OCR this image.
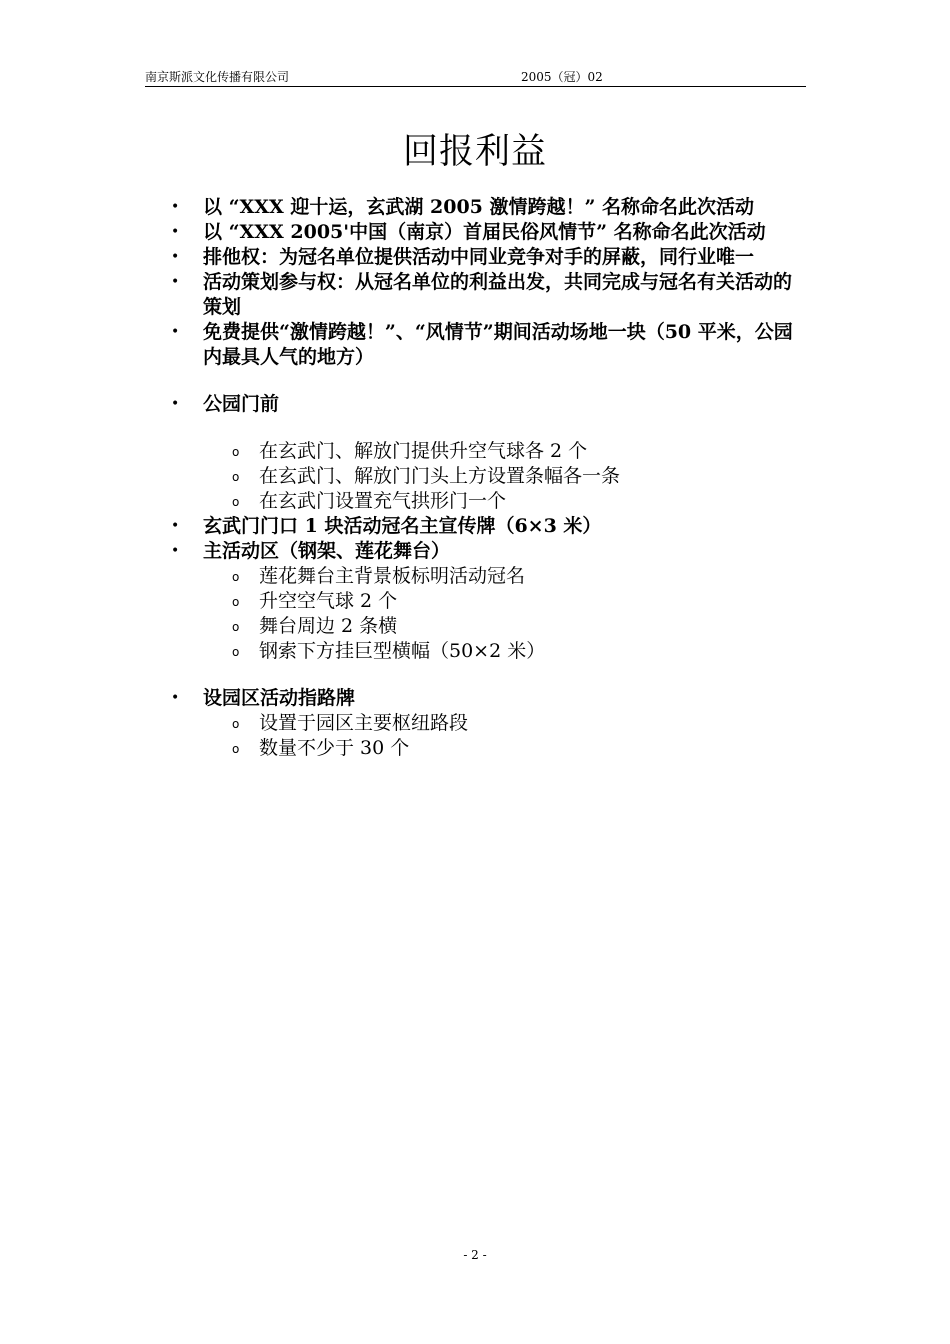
南京斯派文化传播有限公司	2005（冠）02
回报利益
• 以 “XXX 迎十运，玄武湖 2005 激情跨越！” 名称命名此次活动
• 以 “XXX 2005'中国（南京）首届民俗风情节” 名称命名此次活动
• 排他权：为冠名单位提供活动中同业竞争对手的屏蔽，同行业唯一
• 活动策划参与权：从冠名单位的利益出发，共同完成与冠名有关活动的策划
• 免费提供“激情跨越！”、“风情节”期间活动场地一块（50 平米，公园内最具人气的地方）
• 公园门前
o 在玄武门、解放门提供升空气球各 2 个
o 在玄武门、解放门门头上方设置条幅各一条
o 在玄武门设置充气拱形门一个
• 玄武门门口 1 块活动冠名主宣传牌（6×3 米）
• 主活动区（钢架、莲花舞台）
o 莲花舞台主背景板标明活动冠名
o 升空空气球 2 个
o 舞台周边 2 条横
o 钢索下方挂巨型横幅（50×2 米）
• 设园区活动指路牌
o 设置于园区主要枢纽路段
o 数量不少于 30 个
- 2 -
